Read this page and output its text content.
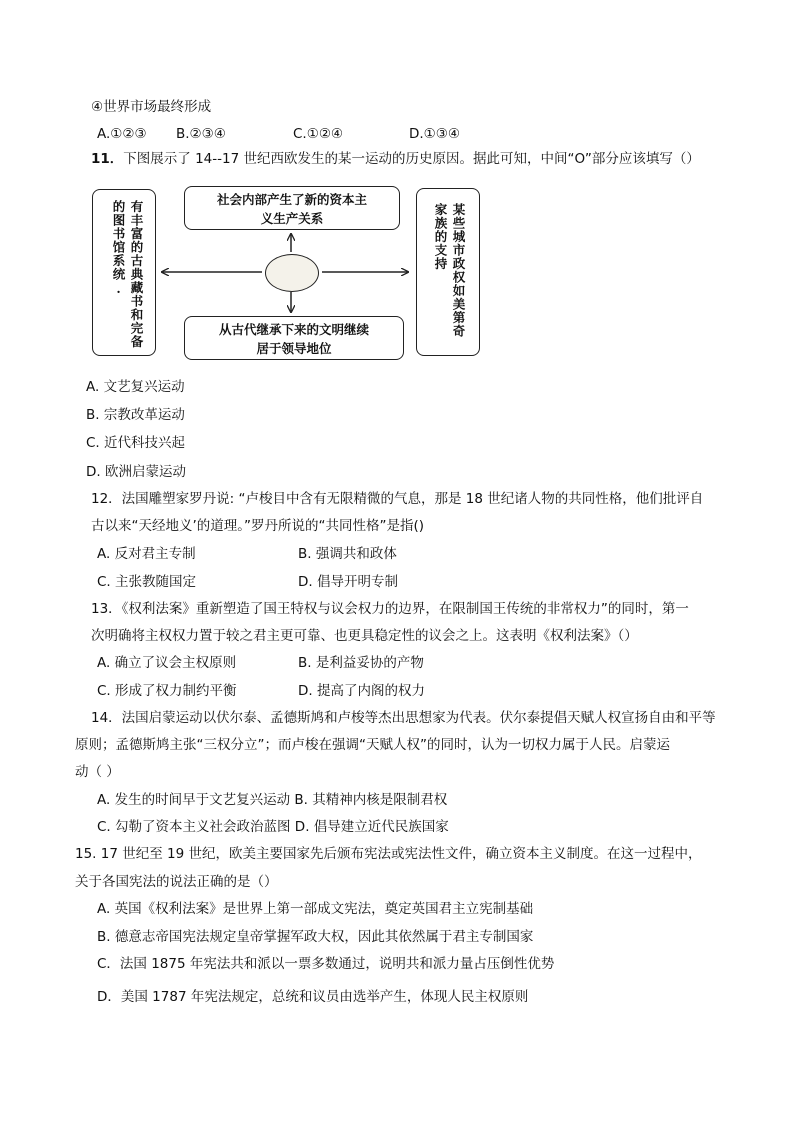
④世界市场最终形成
A.①②③ B.②③④	C.①②④	D.①③④
11．下图展示了 14--17 世纪西欧发生的某一运动的历史原因。据此可知，中间“O”部分应该填写（）
有丰富的古典藏书和完备的图书馆系统.
社会内部产生了新的资本主
义生产关系
从古代继承下来的文明继续
居于领导地位
某些城市政权如美第奇家族的支持
A. 文艺复兴运动
B. 宗教改革运动
C. 近代科技兴起
D. 欧洲启蒙运动
12．法国雕塑家罗丹说: “卢梭目中含有无限精微的气息，那是 18 世纪诸人物的共同性格，他们批评自
古以来“天经地义’的道理。”罗丹所说的“共同性格”是指()
A. 反对君主专制	B. 强调共和政体
C. 主张教随国定	D. 倡导开明专制
13．《权利法案》重新塑造了国王特权与议会权力的边界，在限制国王传统的非常权力”的同时，第一
次明确将主权权力置于较之君主更可靠、也更具稳定性的议会之上。这表明《权利法案》（）
A. 确立了议会主权原则	B. 是利益妥协的产物
C. 形成了权力制约平衡	D. 提高了内阁的权力
14．法国启蒙运动以伏尔泰、孟德斯鸠和卢梭等杰出思想家为代表。伏尔泰提倡天赋人权宣扬自由和平等
原则；孟德斯鸠主张“三权分立”；而卢梭在强调“天赋人权”的同时，认为一切权力属于人民。启蒙运
动（ ）
A. 发生的时间早于文艺复兴运动 B. 其精神内核是限制君权
C. 勾勒了资本主义社会政治蓝图 D. 倡导建立近代民族国家
15. 17 世纪至 19 世纪，欧美主要国家先后颁布宪法或宪法性文件，确立资本主义制度。在这一过程中，
关于各国宪法的说法正确的是（）
A. 英国《权利法案》是世界上第一部成文宪法，奠定英国君主立宪制基础
B. 德意志帝国宪法规定皇帝掌握军政大权，因此其依然属于君主专制国家
C．法国 1875 年宪法共和派以一票多数通过，说明共和派力量占压倒性优势
D．美国 1787 年宪法规定，总统和议员由选举产生，体现人民主权原则
